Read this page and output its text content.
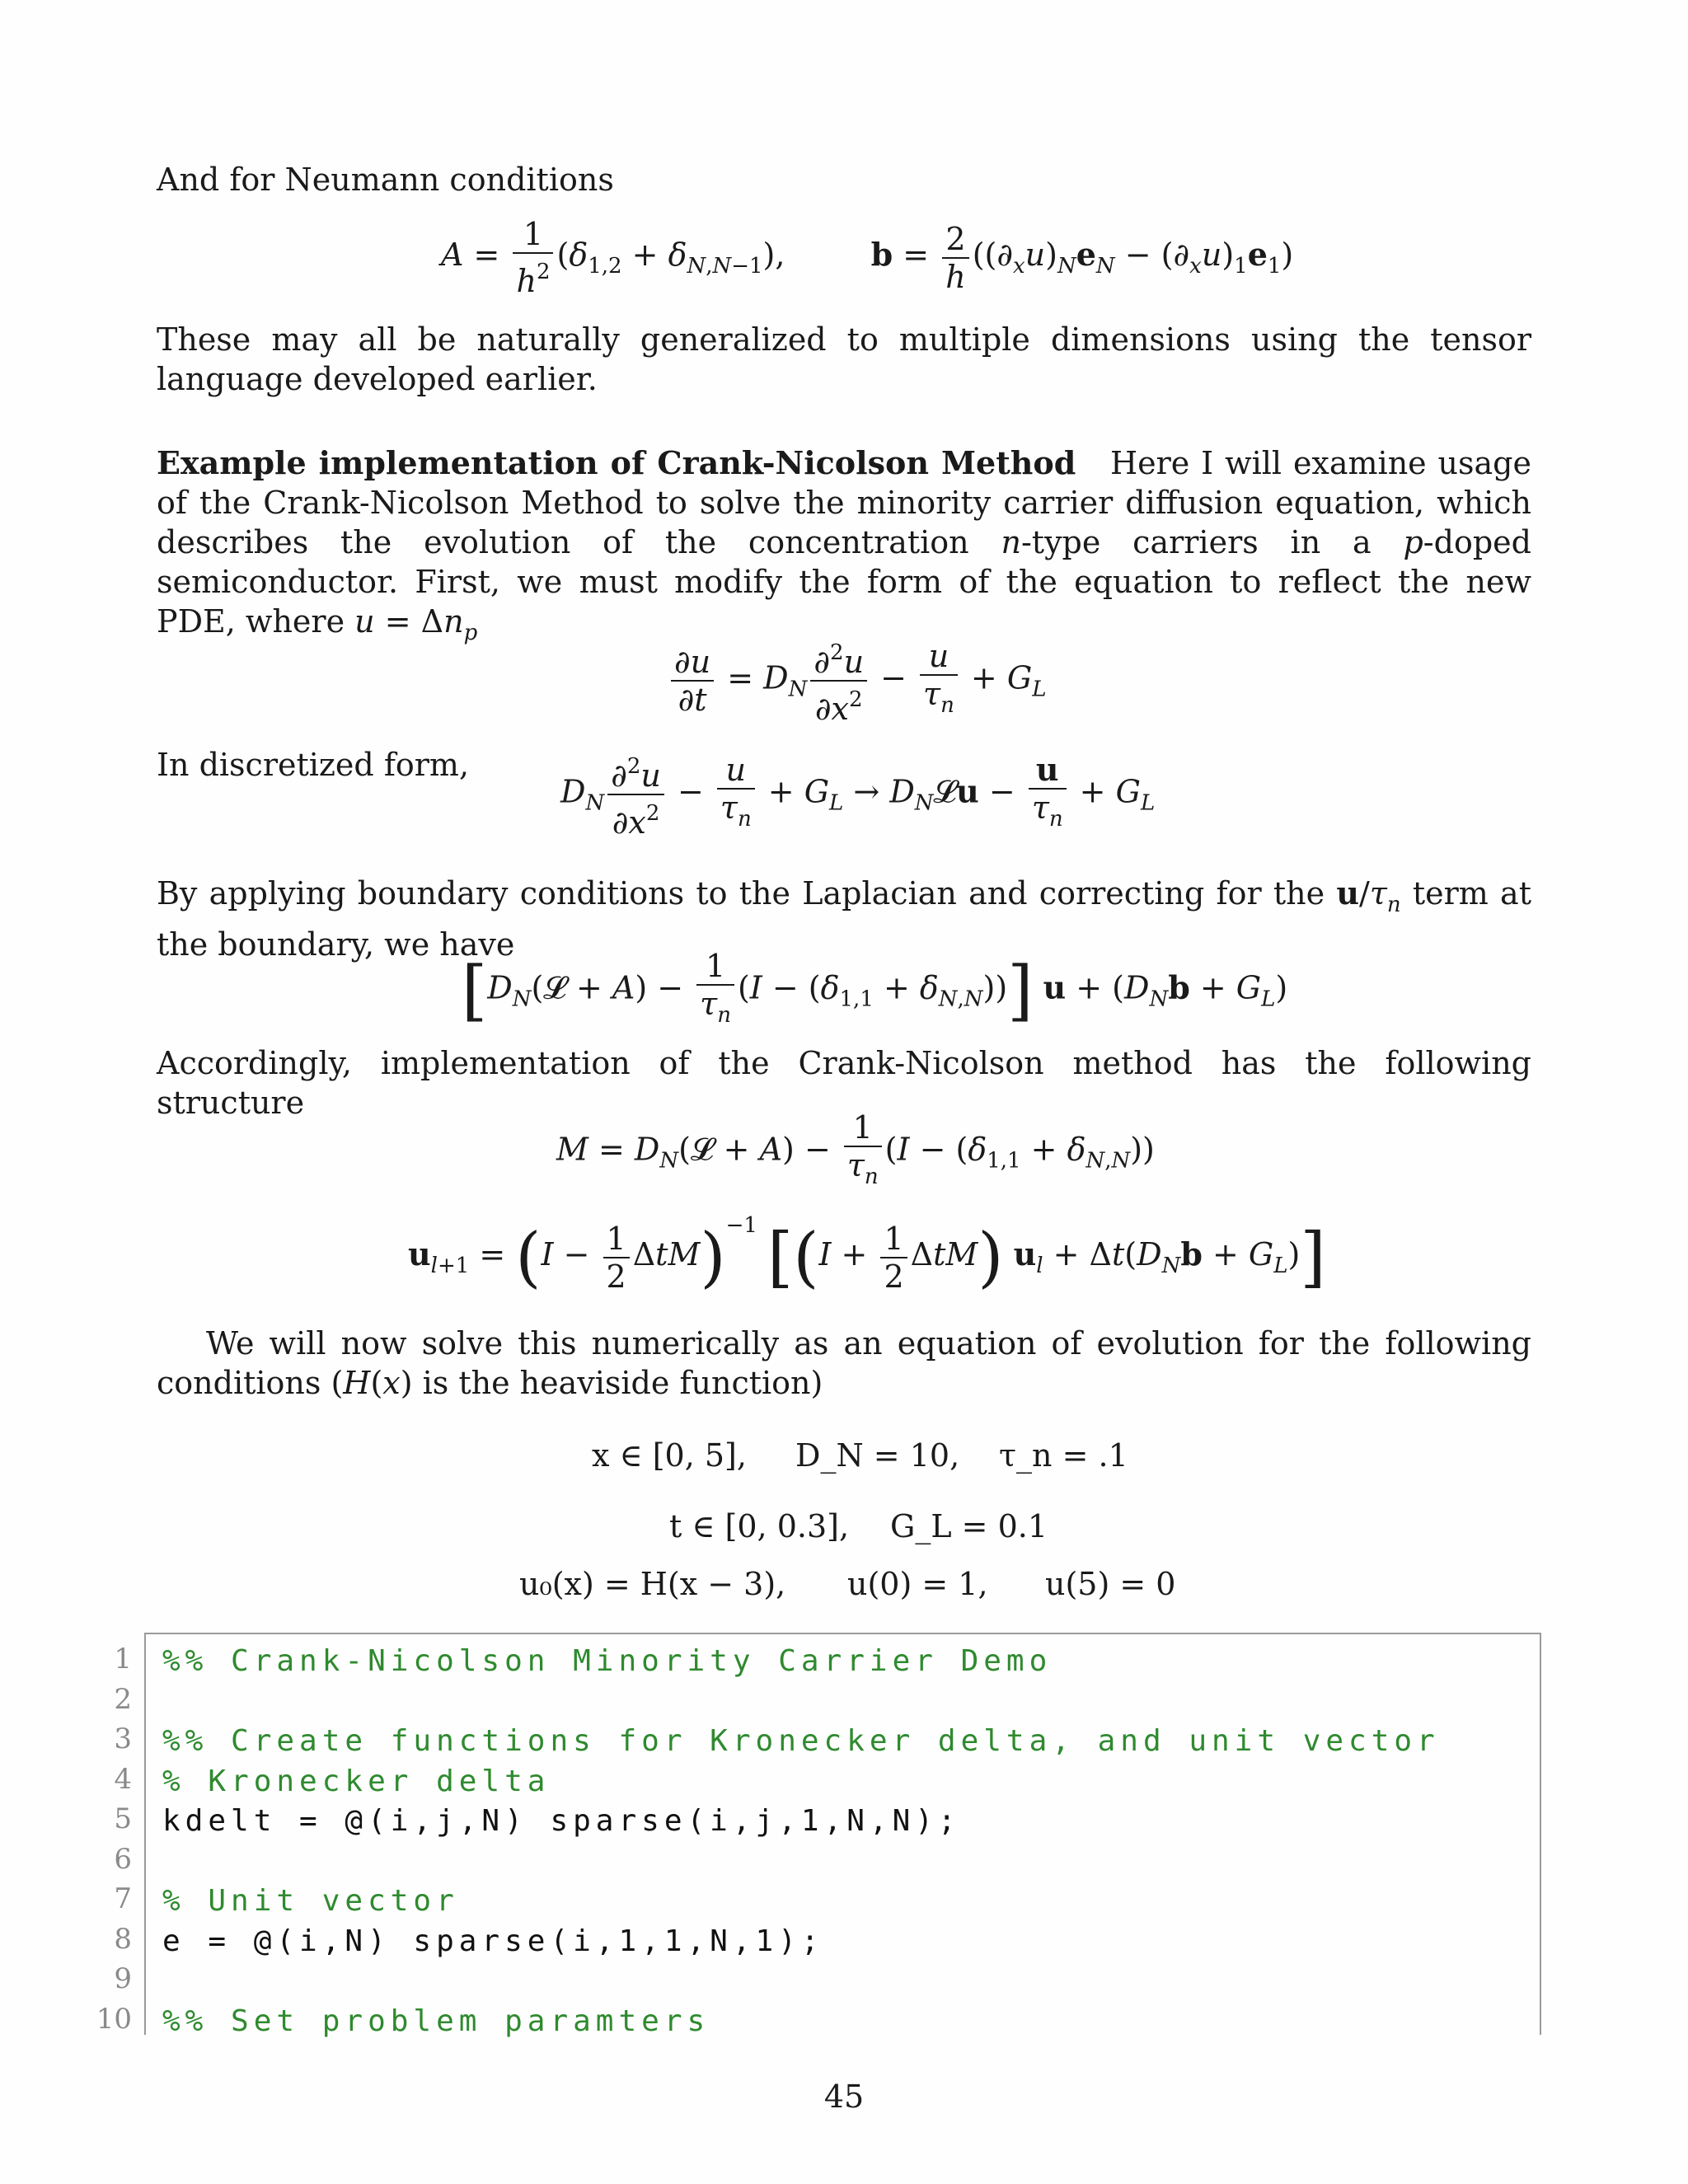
And for Neumann conditions
$A = \frac{1}{h^2} (\delta_{1,2} + \delta_{N,N-1})$,  $b = \frac{2}{h} ((\partial_xu)_Ne_N - (\partial_xu)_1e_1)$
These may all be naturally generalized to multiple dimensions using the tensor language developed earlier.
Example implementation of Crank-Nicolson Method Here I will examine usage of the Crank-Nicolson Method to solve the minority carrier diffusion equation, which describes the evolution of the concentration n-type carriers in a p-doped semiconductor. First, we must modify the form of the equation to reflect the new PDE, where $u = \Delta n_p$
$\frac{\partial u}{\partial t} = D_N \frac{\partial^2u}{\partial x^2} - \frac{u}{\tau_n} + G_L$
In discretized form,
$D_N \frac{\partial^2u}{\partial x^2} - \frac{u}{\tau_n} + G_L$ → $D_N𝓛u - \frac{u}{\tau_n} + G_L$
By applying boundary conditions to the Laplacian and correcting for the $u/\tau_n$ term at the boundary, we have
$[D_N(𝓛 + A) - \frac{1}{\tau_n} (I - (\delta_{1,1} + \delta_{N,N}))] u + (D_Nb + G_L)$
Accordingly, implementation of the Crank-Nicolson method has the following structure
$M = D_N(𝓛 + A) - \frac{1}{\tau_n} (I - (\delta_{1,1} + \delta_{N,N}))$
$u_{l+1} = (I - \frac{1}{2} \Delta tM)^{-1}$ [$(I + \frac{1}{2} \Delta tM)$ $u_l + \Delta t(D_Nb + G_L)$]
We will now solve this numerically as an equation of evolution for the following conditions (H(x) is the heaviside function)
x ∈ [0, 5], D_N = 10, τ_n = .1
t ∈ [0, 0.3], G_L = 0.1
u₀(x) = H(x − 3), u(0) = 1, u(5) = 0
%% Crank-Nicolson Minority Carrier Demo
%% Create functions for Kronecker delta, and unit vector
% Kronecker delta
kdelt = @(i,j,N) sparse(i,j,1,N,N);
% Unit vector
e = @(i,N) sparse(i,1,1,N,1);
%% Set problem paramters
1
2
3
4
5
6
7
8
9
10
45
